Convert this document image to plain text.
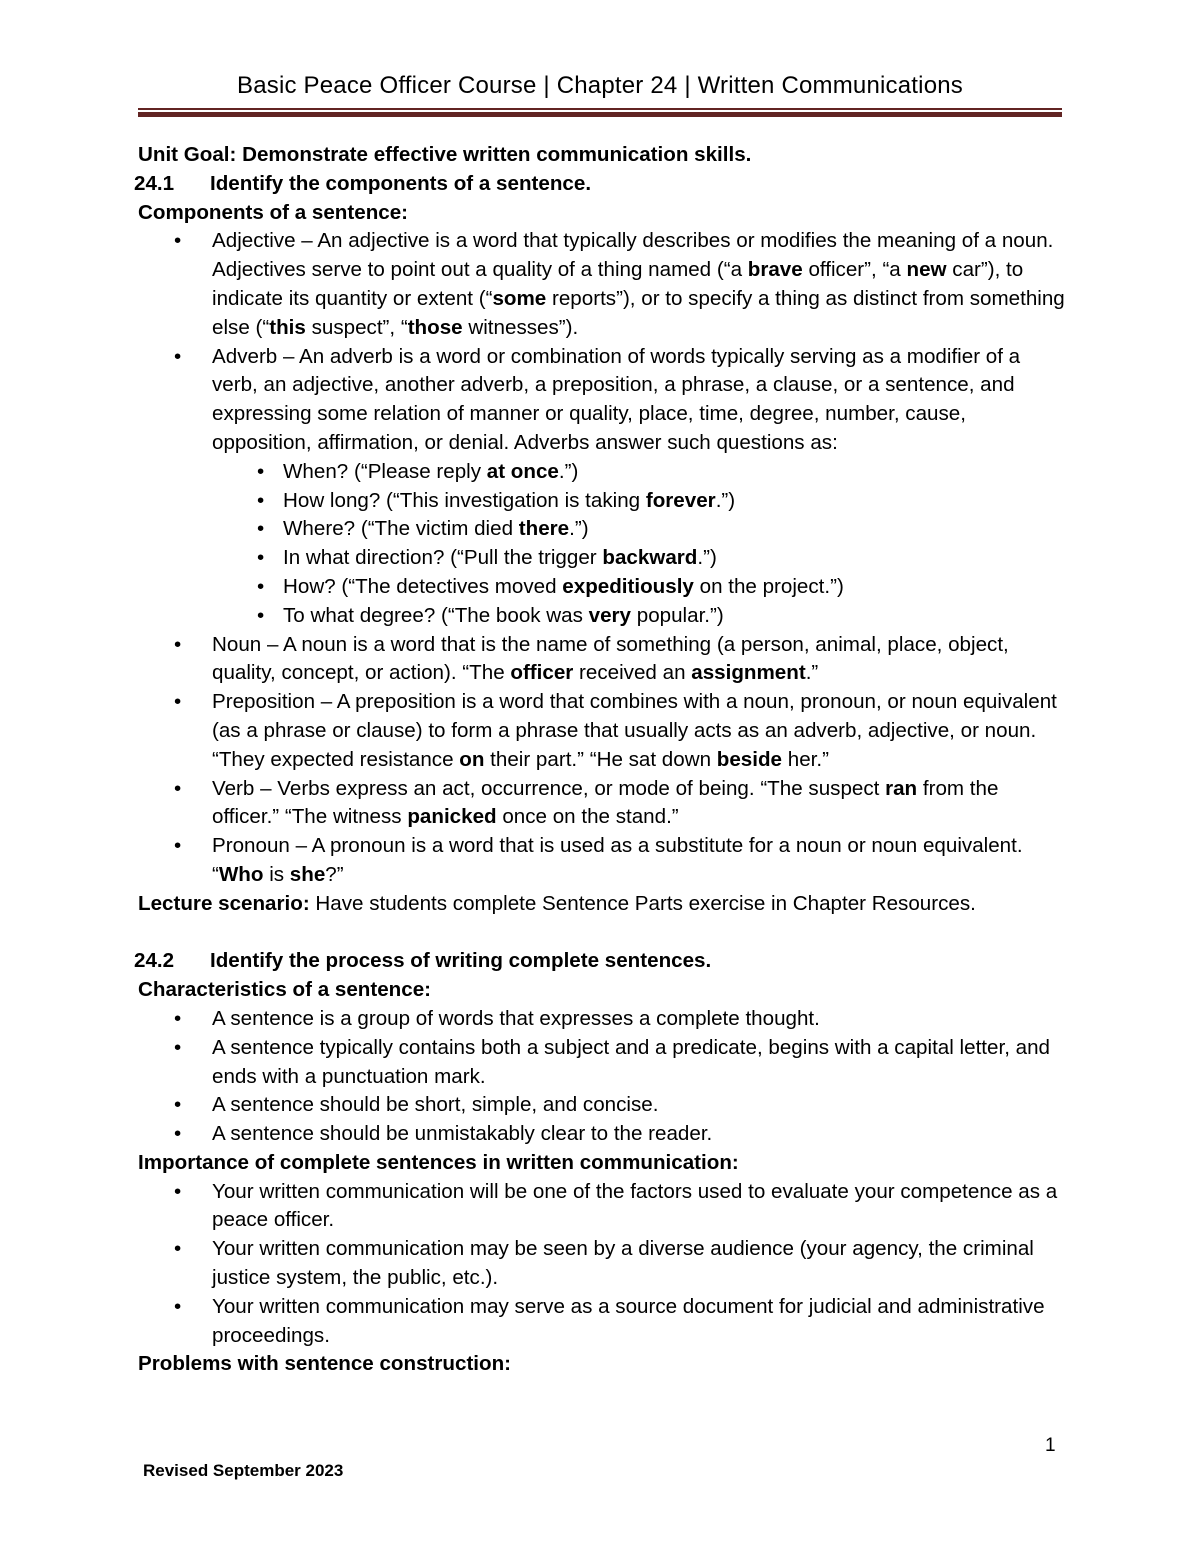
Basic Peace Officer Course | Chapter 24 | Written Communications

Unit Goal: Demonstrate effective written communication skills.

24.1	Identify the components of a sentence.

Components of a sentence:

• Adjective – An adjective is a word that typically describes or modifies the meaning of a noun. Adjectives serve to point out a quality of a thing named (“a brave officer”, “a new car”), to indicate its quantity or extent (“some reports”), or to specify a thing as distinct from something else (“this suspect”, “those witnesses”).
• Adverb – An adverb is a word or combination of words typically serving as a modifier of a verb, an adjective, another adverb, a preposition, a phrase, a clause, or a sentence, and expressing some relation of manner or quality, place, time, degree, number, cause, opposition, affirmation, or denial. Adverbs answer such questions as:
• When? (“Please reply at once.”)
• How long? (“This investigation is taking forever.”)
• Where? (“The victim died there.”)
• In what direction? (“Pull the trigger backward.”)
• How? (“The detectives moved expeditiously on the project.”)
• To what degree? (“The book was very popular.”)
• Noun – A noun is a word that is the name of something (a person, animal, place, object, quality, concept, or action). “The officer received an assignment.”
• Preposition – A preposition is a word that combines with a noun, pronoun, or noun equivalent (as a phrase or clause) to form a phrase that usually acts as an adverb, adjective, or noun. “They expected resistance on their part.” “He sat down beside her.”
• Verb – Verbs express an act, occurrence, or mode of being. “The suspect ran from the officer.” “The witness panicked once on the stand.”
• Pronoun – A pronoun is a word that is used as a substitute for a noun or noun equivalent. “Who is she?”

Lecture scenario: Have students complete Sentence Parts exercise in Chapter Resources.

24.2	Identify the process of writing complete sentences.

Characteristics of a sentence:

• A sentence is a group of words that expresses a complete thought.
• A sentence typically contains both a subject and a predicate, begins with a capital letter, and ends with a punctuation mark.
• A sentence should be short, simple, and concise.
• A sentence should be unmistakably clear to the reader.

Importance of complete sentences in written communication:

• Your written communication will be one of the factors used to evaluate your competence as a peace officer.
• Your written communication may be seen by a diverse audience (your agency, the criminal justice system, the public, etc.).
• Your written communication may serve as a source document for judicial and administrative proceedings.

Problems with sentence construction:

1
Revised September 2023
